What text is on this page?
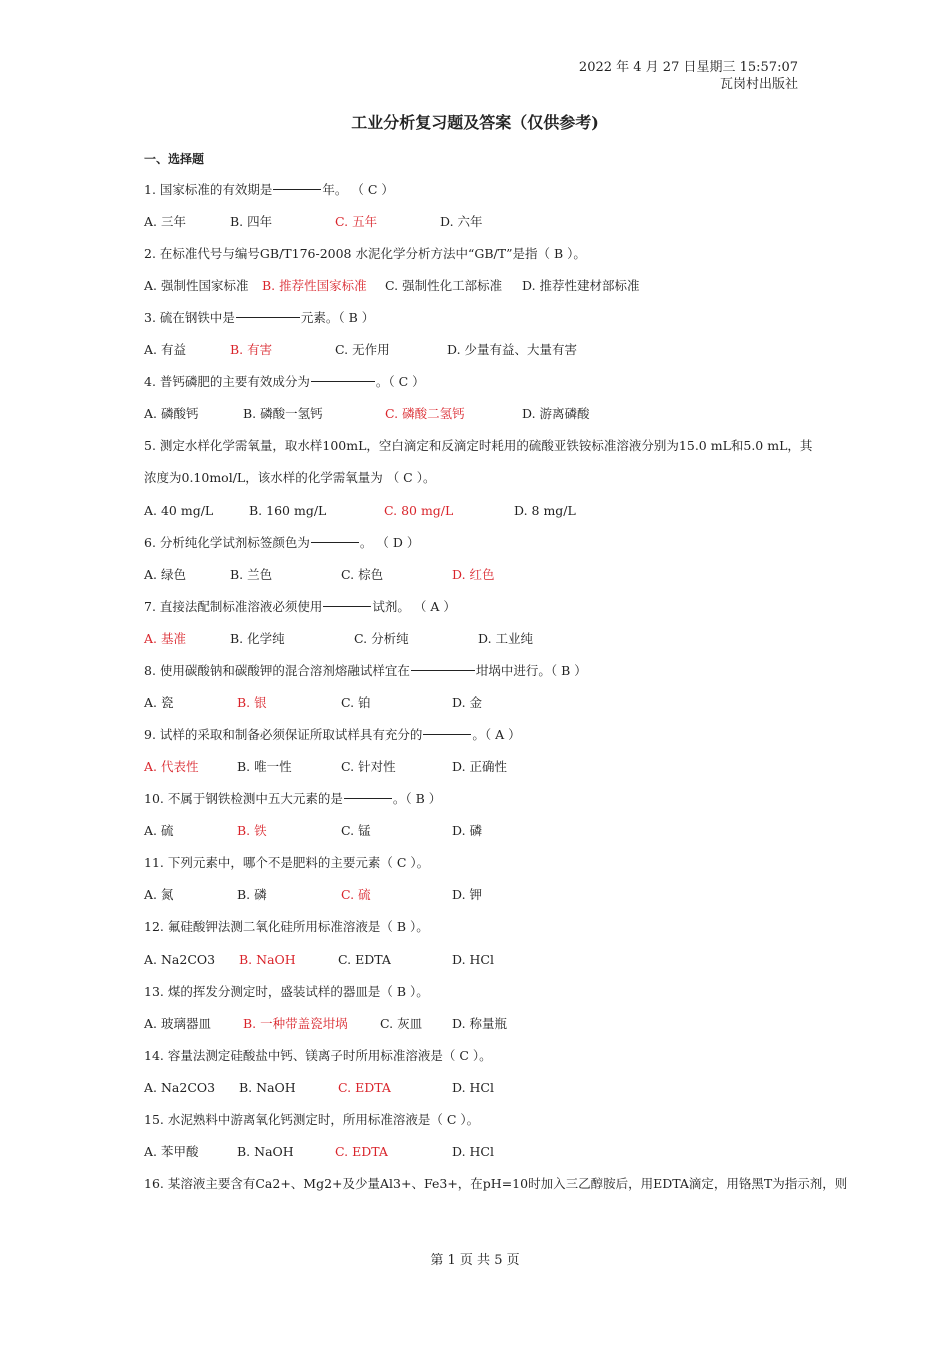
2022 年 4 月 27 日星期三 15:57:07
瓦岗村出版社
工业分析复习题及答案（仅供参考)
一、选择题
1. 国家标准的有效期是	年。 （ C ）
A. 三年	B. 四年	C. 五年	D. 六年
2. 在标准代号与编号GB/T176-2008 水泥化学分析方法中“GB/T”是指（ B ）。
A. 强制性国家标准 B. 推荐性国家标准 C. 强制性化工部标准 D. 推荐性建材部标准
3. 硫在钢铁中是	元素。（ B ）
A. 有益	B. 有害	C. 无作用	D. 少量有益、大量有害
4. 普钙磷肥的主要有效成分为	。（ C ）
A. 磷酸钙	B. 磷酸一氢钙	C. 磷酸二氢钙	D. 游离磷酸
5. 测定水样化学需氧量，取水样100mL，空白滴定和反滴定时耗用的硫酸亚铁铵标准溶液分别为15.0 mL和5.0 mL，其
浓度为0.10mol/L，该水样的化学需氧量为 （ C ）。
A. 40 mg/L	B. 160 mg/L	C. 80 mg/L	D. 8 mg/L
6. 分析纯化学试剂标签颜色为	。 （ D ）
A. 绿色	B. 兰色	C. 棕色	D. 红色
7. 直接法配制标准溶液必须使用	试剂。 （ A ）
A. 基准	B. 化学纯	C. 分析纯	D. 工业纯
8. 使用碳酸钠和碳酸钾的混合溶剂熔融试样宜在	坩埚中进行。（ B ）
A. 瓷	B. 银	C. 铂	D. 金
9. 试样的采取和制备必须保证所取试样具有充分的	。（ A ）
A. 代表性	B. 唯一性	C. 针对性	D. 正确性
10. 不属于钢铁检测中五大元素的是	。（ B ）
A. 硫	B. 铁	C. 锰	D. 磷
11. 下列元素中，哪个不是肥料的主要元素（ C ）。
A. 氮	B. 磷	C. 硫	D. 钾
12. 氟硅酸钾法测二氧化硅所用标准溶液是（ B ）。
A. Na2CO3 B. NaOH	C. EDTA	D. HCl
13. 煤的挥发分测定时，盛装试样的器皿是（ B ）。
A. 玻璃器皿	B. 一种带盖瓷坩埚	C. 灰皿 D. 称量瓶
14. 容量法测定硅酸盐中钙、镁离子时所用标准溶液是（ C ）。
A. Na2CO3 B. NaOH	C. EDTA	D. HCl
15. 水泥熟料中游离氧化钙测定时，所用标准溶液是（ C ）。
A. 苯甲酸	B. NaOH	C. EDTA	D. HCl
16. 某溶液主要含有Ca2+、Mg2+及少量Al3+、Fe3+，在pH=10时加入三乙醇胺后，用EDTA滴定，用铬黑T为指示剂，则
第 1 页 共 5 页
